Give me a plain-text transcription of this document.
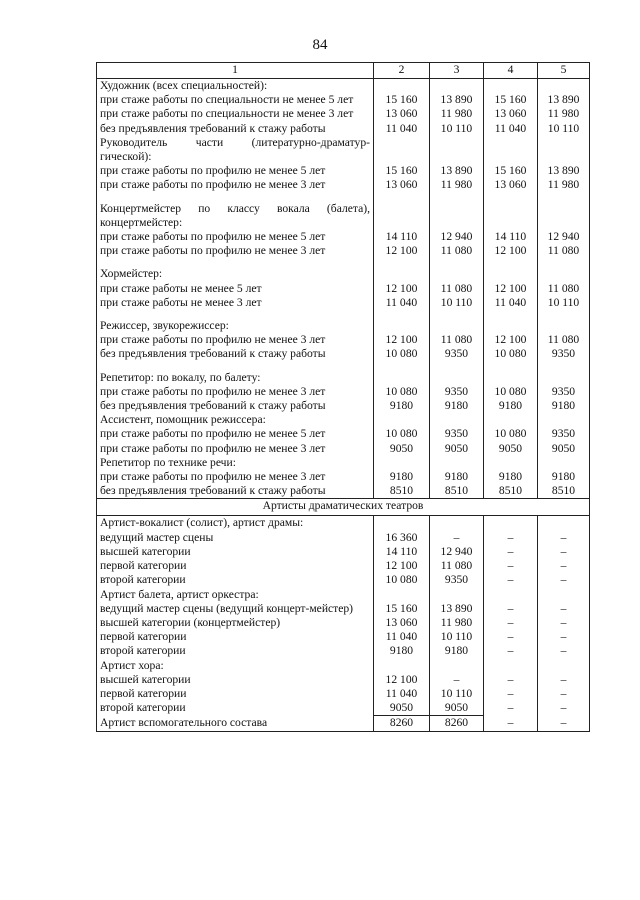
84
1	2	3	4	5
Художник (всех специальностей):				
при стаже работы по специальности не менее 5 лет	15 160	13 890	15 160	13 890
при стаже работы по специальности не менее 3 лет	13 060	11 980	13 060	11 980
без предъявления требований к стажу работы	11 040	10 110	11 040	10 110
Руководитель части (литературно-драматур-гической):				
при стаже работы по профилю не менее 5 лет	15 160	13 890	15 160	13 890
при стаже работы по профилю не менее 3 лет	13 060	11 980	13 060	11 980

Концертмейстер по классу вокала (балета), концертмейстер:				
при стаже работы по профилю не менее 5 лет	14 110	12 940	14 110	12 940
при стаже работы по профилю не менее 3 лет	12 100	11 080	12 100	11 080

Хормейстер:				
при стаже работы не менее 5 лет	12 100	11 080	12 100	11 080
при стаже работы не менее 3 лет	11 040	10 110	11 040	10 110

Режиссер, звукорежиссер:				
при стаже работы по профилю не менее 3 лет	12 100	11 080	12 100	11 080
без предъявления требований к стажу работы	10 080	9350	10 080	9350

Репетитор: по вокалу, по балету:				
при стаже работы по профилю не менее 3 лет	10 080	9350	10 080	9350
без предъявления требований к стажу работы	9180	9180	9180	9180
Ассистент, помощник режиссера:				
при стаже работы по профилю не менее 5 лет	10 080	9350	10 080	9350
при стаже работы по профилю не менее 3 лет	9050	9050	9050	9050
Репетитор по технике речи:				
при стаже работы по профилю не менее 3 лет	9180	9180	9180	9180
без предъявления требований к стажу работы	8510	8510	8510	8510
Артисты драматических театров				
Артист-вокалист (солист), артист драмы:				
ведущий мастер сцены	16 360	–	–	–
высшей категории	14 110	12 940	–	–
первой категории	12 100	11 080	–	–
второй категории	10 080	9350	–	–
Артист балета, артист оркестра:				
ведущий мастер сцены (ведущий концерт-мейстер)	15 160	13 890	–	–
высшей категории (концертмейстер)	13 060	11 980	–	–
первой категории	11 040	10 110	–	–
второй категории	9180	9180	–	–
Артист хора:				
высшей категории	12 100	–	–	–
первой категории	11 040	10 110	–	–
второй категории	9050	9050	–	–
Артист вспомогательного состава	8260	8260	–	–
